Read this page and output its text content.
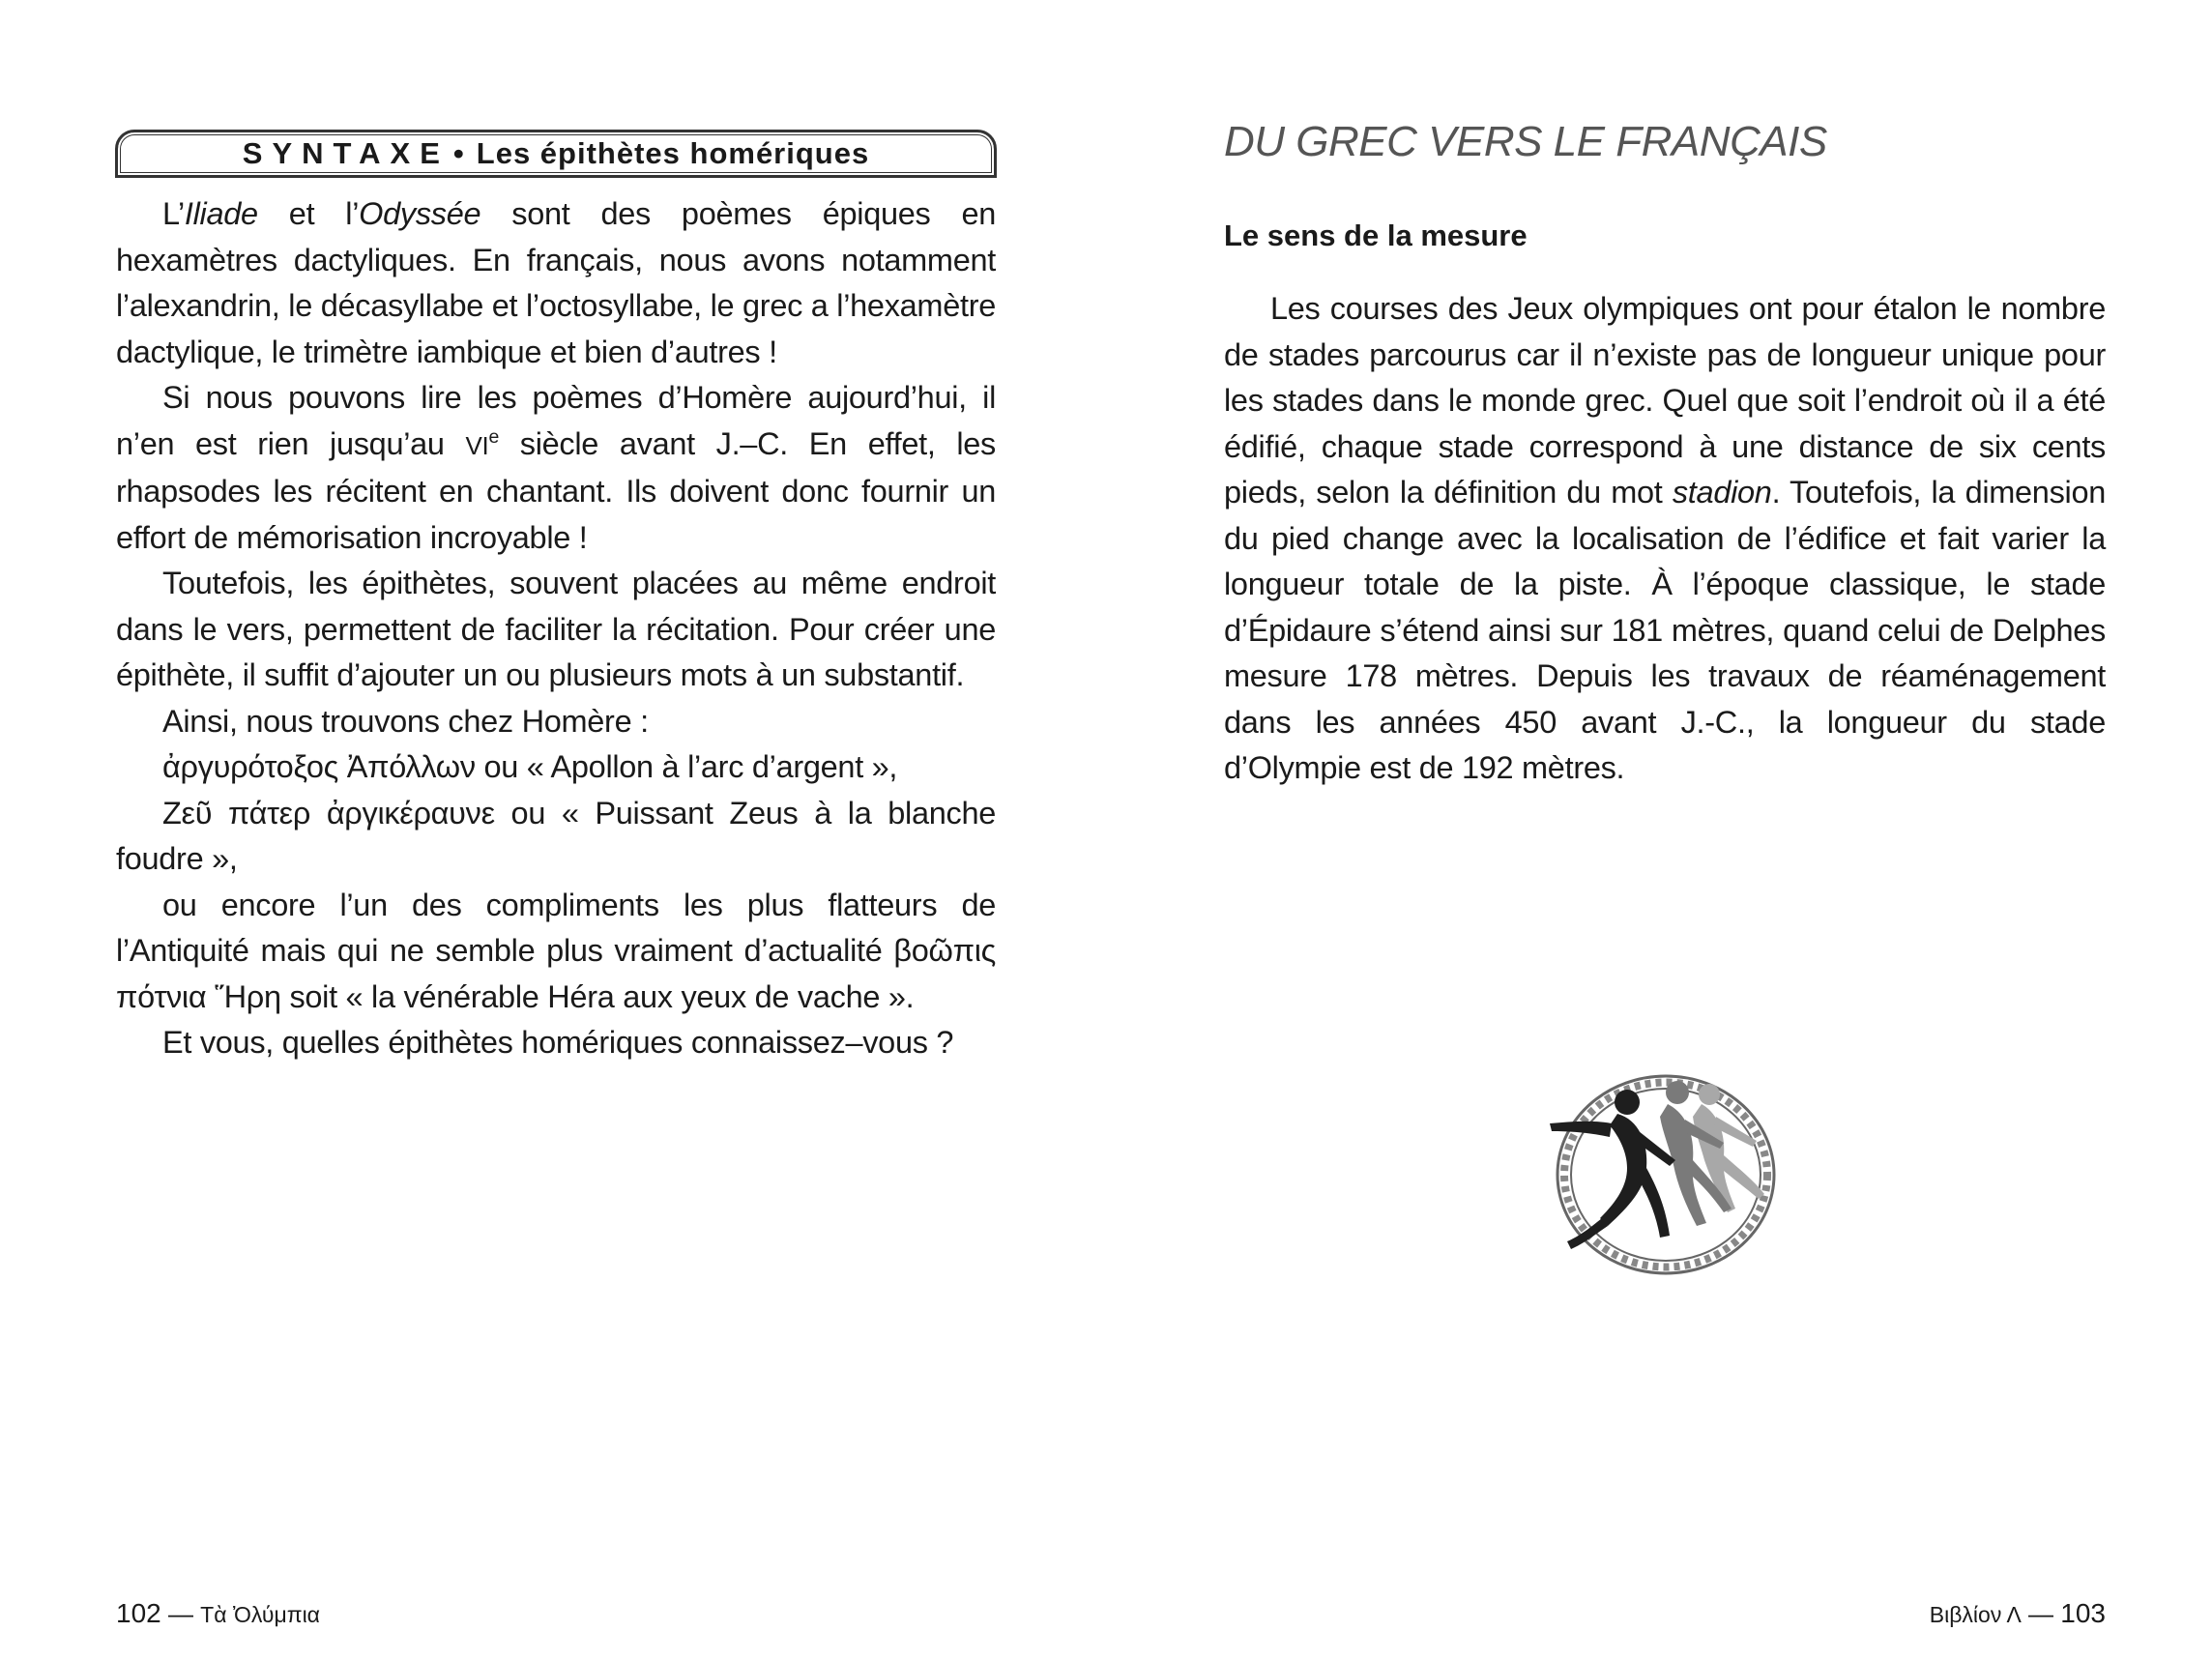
SYNTAXE • Les épithètes homériques

L’Iliade et l’Odyssée sont des poèmes épiques en hexamètres dactyliques. En français, nous avons notamment l’alexandrin, le décasyllabe et l’octosyllabe, le grec a l’hexamètre dactylique, le trimètre iambique et bien d’autres !

Si nous pouvons lire les poèmes d’Homère aujourd’hui, il n’en est rien jusqu’au VIe siècle avant J.–C. En effet, les rhapsodes les récitent en chantant. Ils doivent donc fournir un effort de mémorisation incroyable !

Toutefois, les épithètes, souvent placées au même endroit dans le vers, permettent de faciliter la récitation. Pour créer une épithète, il suffit d’ajouter un ou plusieurs mots à un substantif.

Ainsi, nous trouvons chez Homère :

ἀργυρότοξος Ἀπόλλων ou « Apollon à l’arc d’argent »,

Ζεῦ πάτερ ἀργικέραυνε ou « Puissant Zeus à la blanche foudre »,

ou encore l’un des compliments les plus flatteurs de l’Antiquité mais qui ne semble plus vraiment d’actualité βοῶπις πότνια Ἥρη soit « la vénérable Héra aux yeux de vache ».

Et vous, quelles épithètes homériques connaissez–vous ?

102 — Τὰ Ὀλύμπια
DU GREC VERS LE FRANÇAIS
Le sens de la mesure

Les courses des Jeux olympiques ont pour étalon le nombre de stades parcourus car il n’existe pas de longueur unique pour les stades dans le monde grec. Quel que soit l’endroit où il a été édifié, chaque stade correspond à une distance de six cents pieds, selon la définition du mot stadion. Toutefois, la dimension du pied change avec la localisation de l’édifice et fait varier la longueur totale de la piste. À l’époque classique, le stade d’Épidaure s’étend ainsi sur 181 mètres, quand celui de Delphes mesure 178 mètres. Depuis les travaux de réaménagement dans les années 450 avant J.-C., la longueur du stade d’Olympie est de 192 mètres.

Βιβλίον Λ — 103
